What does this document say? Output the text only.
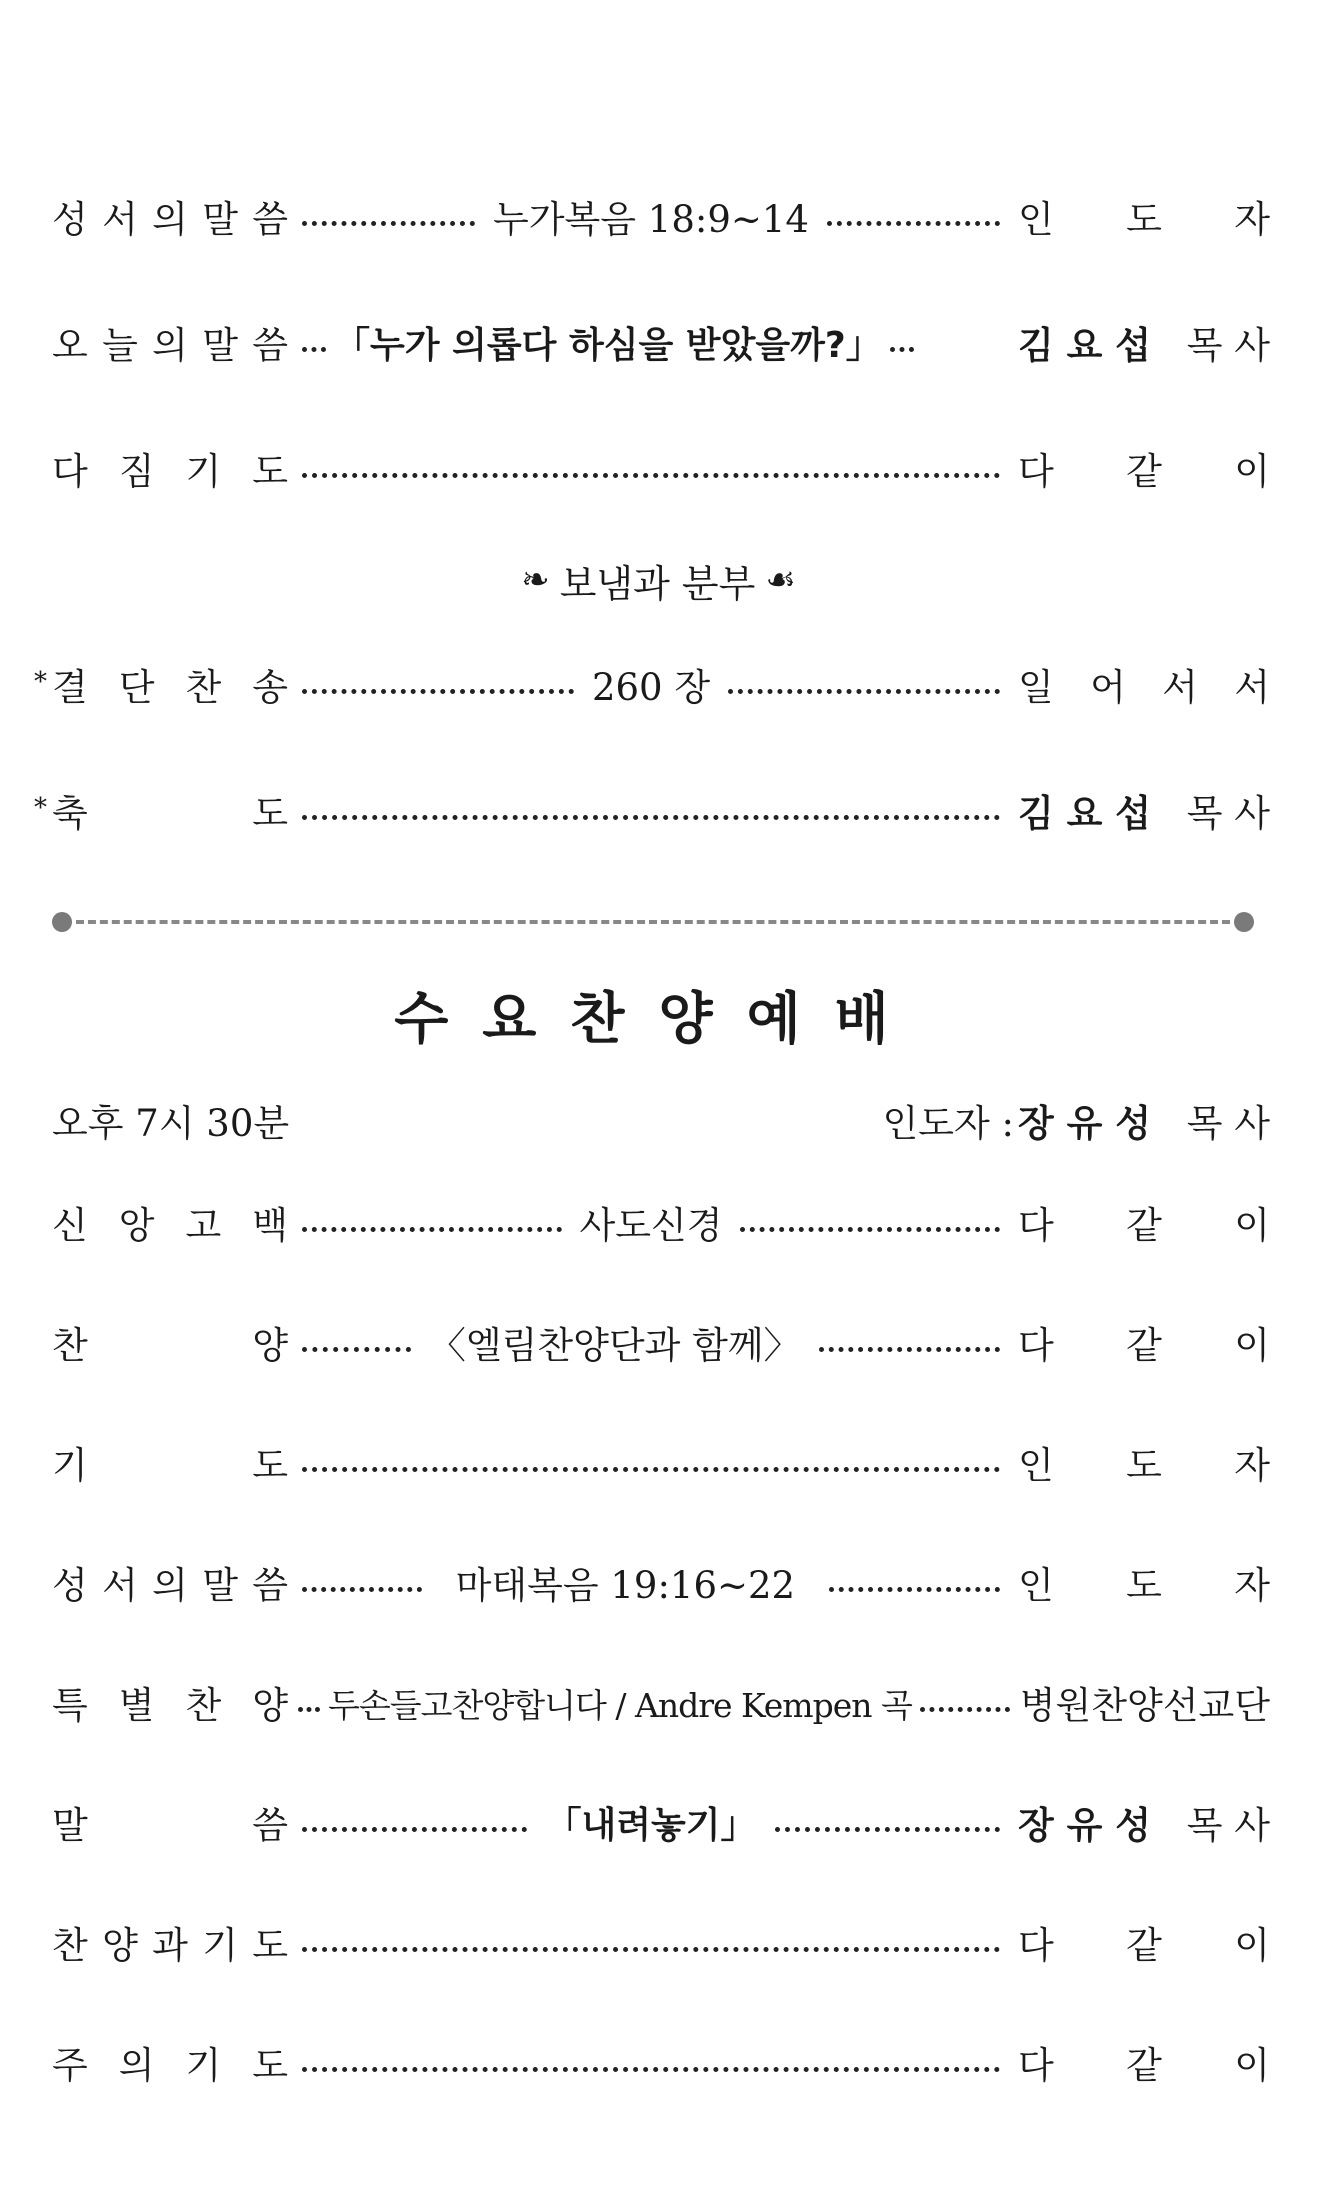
성 서 의 말 씀	누가복음 18:9~14	인 도 자
오 늘 의 말 씀 「누가 의롭다 하심을 받았을까?」	김 요 섭 목 사
다 짐 기 도	다 같 이
❧ 보냄과 분부 ☙
* 결 단 찬 송	260 장	일 어 서 서
* 축	도	김 요 섭 목 사
수요찬양예배
오후 7시 30분	인도자 : 장 유 성 목 사
신 앙 고 백	사도신경	다 같 이
찬	양	〈엘림찬양단과 함께〉	다 같 이
기	도	인 도 자
성 서 의 말 씀	마태복음 19:16~22	인 도 자
특 별 찬 양 두손들고찬양합니다 / Andre Kempen 곡	병원찬양선교단
말	씀	「내려놓기」	장 유 성 목 사
찬 양 과 기 도	다 같 이
주 의 기 도	다 같 이
